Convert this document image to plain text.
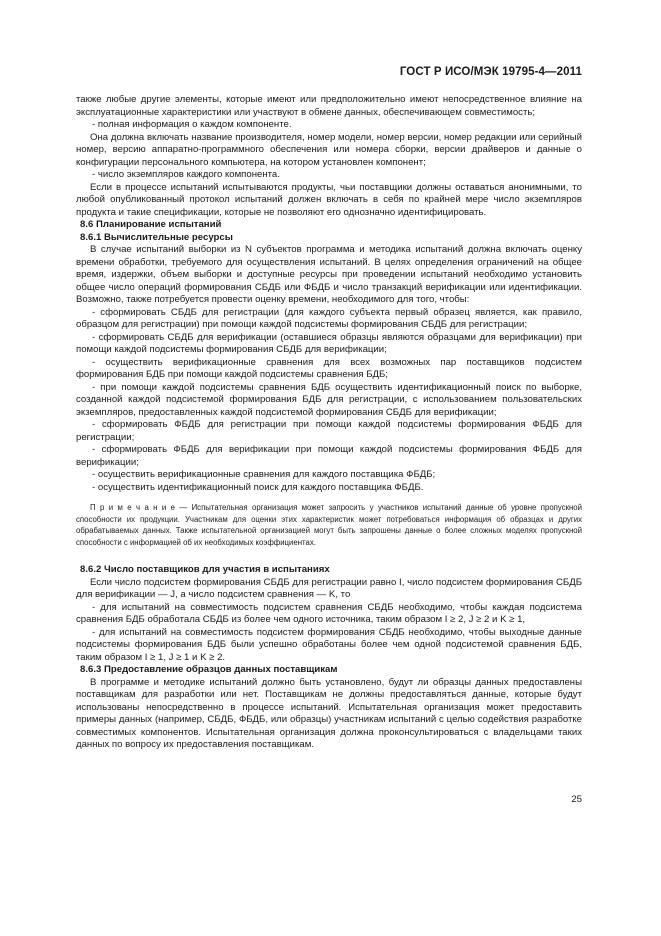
ГОСТ Р ИСО/МЭК 19795-4—2011

также любые другие элементы, которые имеют или предположительно имеют непосредственное влияние на эксплуатационные характеристики или участвуют в обмене данных, обеспечивающем совместимость;

- полная информация о каждом компоненте.

Она должна включать название производителя, номер модели, номер версии, номер редакции или серийный номер, версию аппаратно-программного обеспечения или номера сборки, версии драйверов и данные о конфигурации персонального компьютера, на котором установлен компонент;

- число экземпляров каждого компонента.

Если в процессе испытаний испытываются продукты, чьи поставщики должны оставаться анонимными, то любой опубликованный протокол испытаний должен включать в себя по крайней мере число экземпляров продукта и такие спецификации, которые не позволяют его однозначно идентифицировать.

8.6 Планирование испытаний

8.6.1 Вычислительные ресурсы

В случае испытаний выборки из N субъектов программа и методика испытаний должна включать оценку времени обработки, требуемого для осуществления испытаний. В целях определения ограничений на общее время, издержки, объем выборки и доступные ресурсы при проведении испытаний необходимо установить общее число операций формирования СБДБ или ФБДБ и число транзакций верификации или идентификации. Возможно, также потребуется провести оценку времени, необходимого для того, чтобы:

- сформировать СБДБ для регистрации (для каждого субъекта первый образец является, как правило, образцом для регистрации) при помощи каждой подсистемы формирования СБДБ для регистрации;

- сформировать СБДБ для верификации (оставшиеся образцы являются образцами для верификации) при помощи каждой подсистемы формирования СБДБ для верификации;

- осуществить верификационные сравнения для всех возможных пар поставщиков подсистем формирования БДБ при помощи каждой подсистемы сравнения БДБ;

- при помощи каждой подсистемы сравнения БДБ осуществить идентификационный поиск по выборке, созданной каждой подсистемой формирования БДБ для регистрации, с использованием пользовательских экземпляров, предоставленных каждой подсистемой формирования СБДБ для верификации;

- сформировать ФБДБ для регистрации при помощи каждой подсистемы формирования ФБДБ для регистрации;

- сформировать ФБДБ для верификации при помощи каждой подсистемы формирования ФБДБ для верификации;

- осуществить верификационные сравнения для каждого поставщика ФБДБ;

- осуществить идентификационный поиск для каждого поставщика ФБДБ.

П р и м е ч а н и е — Испытательная организация может запросить у участников испытаний данные об уровне пропускной способности их продукции. Участникам для оценки этих характеристик может потребоваться информация об образцах и других обрабатываемых данных. Также испытательной организацией могут быть запрошены данные о более сложных моделях пропускной способности с информацией об их необходимых коэффициентах.

8.6.2 Число поставщиков для участия в испытаниях

Если число подсистем формирования СБДБ для регистрации равно I, число подсистем формирования СБДБ для верификации — J, а число подсистем сравнения — K, то

- для испытаний на совместимость подсистем сравнения СБДБ необходимо, чтобы каждая подсистема сравнения БДБ обработала СБДБ из более чем одного источника, таким образом I ≥ 2, J ≥ 2 и K ≥ 1,

- для испытаний на совместимость подсистем формирования СБДБ необходимо, чтобы выходные данные подсистемы формирования БДБ были успешно обработаны более чем одной подсистемой сравнения БДБ, таким образом I ≥ 1, J ≥ 1 и K ≥ 2.

8.6.3 Предоставление образцов данных поставщикам

В программе и методике испытаний должно быть установлено, будут ли образцы данных предоставлены поставщикам для разработки или нет. Поставщикам не должны предоставляться данные, которые будут использованы непосредственно в процессе испытаний. Испытательная организация может предоставить примеры данных (например, СБДБ, ФБДБ, или образцы) участникам испытаний с целью содействия разработке совместимых компонентов. Испытательная организация должна проконсультироваться с владельцами таких данных по вопросу их предоставления поставщикам.

25
